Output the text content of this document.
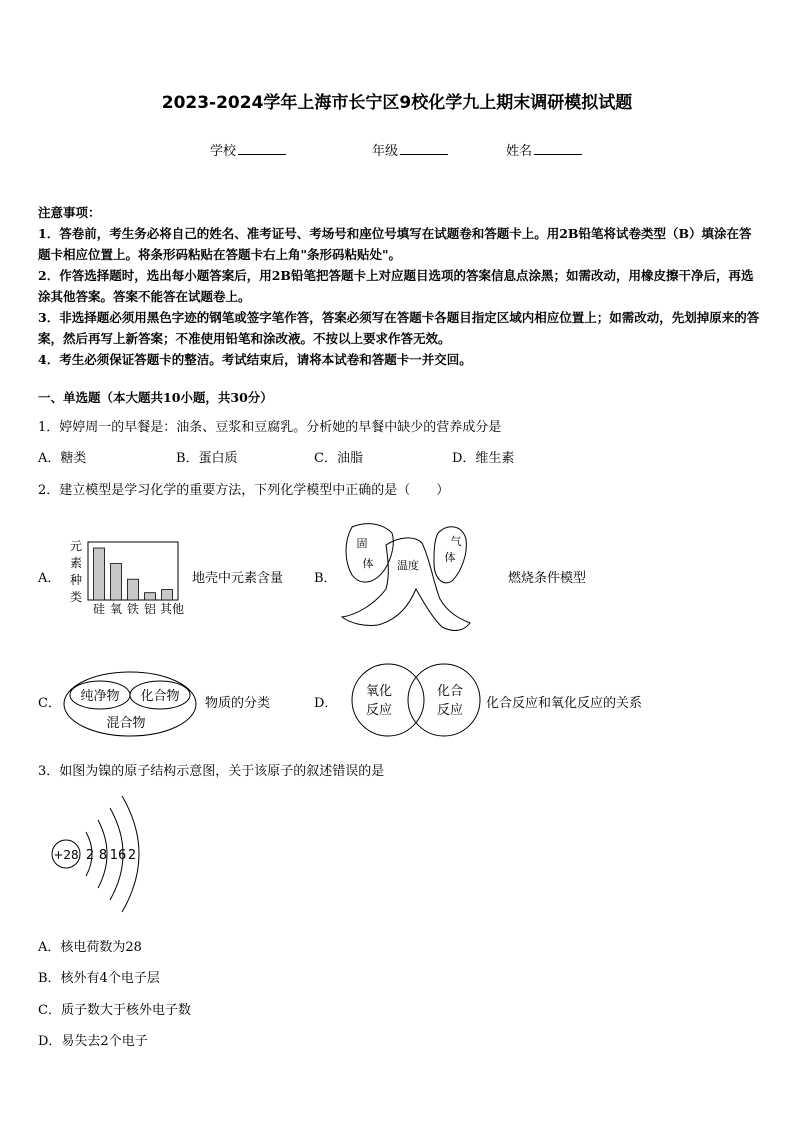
2023-2024学年上海市长宁区9校化学九上期末调研模拟试题
学校	年级	姓名

注意事项：

1．答卷前，考生务必将自己的姓名、准考证号、考场号和座位号填写在试题卷和答题卡上。用2B铅笔将试卷类型（B）填涂在答题卡相应位置上。将条形码粘贴在答题卡右上角"条形码粘贴处"。

2．作答选择题时，选出每小题答案后，用2B铅笔把答题卡上对应题目选项的答案信息点涂黑；如需改动，用橡皮擦干净后，再选涂其他答案。答案不能答在试题卷上。

3．非选择题必须用黑色字迹的钢笔或签字笔作答，答案必须写在答题卡各题目指定区域内相应位置上；如需改动，先划掉原来的答案，然后再写上新答案；不准使用铅笔和涂改液。不按以上要求作答无效。

4．考生必须保证答题卡的整洁。考试结束后，请将本试卷和答题卡一并交回。

一、单选题（本大题共10小题，共30分）
1．婷婷周一的早餐是：油条、豆浆和豆腐乳。分析她的早餐中缺少的营养成分是
A．糖类	B．蛋白质	C．油脂	D．维生素
2．建立模型是学习化学的重要方法，下列化学模型中正确的是（　　）
A．
元
素
种
类
硅 氧 铁 铝 其他
地壳中元素含量 B．
固
体 温度
气
体
燃烧条件模型
C． 纯净物 化合物
混合物
物质的分类	D．
氧化
反应
化合
反应 化合反应和氧化反应的关系
3．如图为镍的原子结构示意图，关于该原子的叙述错误的是
+28 2 8 16 2
A．核电荷数为28
B．核外有4个电子层
C．质子数大于核外电子数
D．易失去2个电子
